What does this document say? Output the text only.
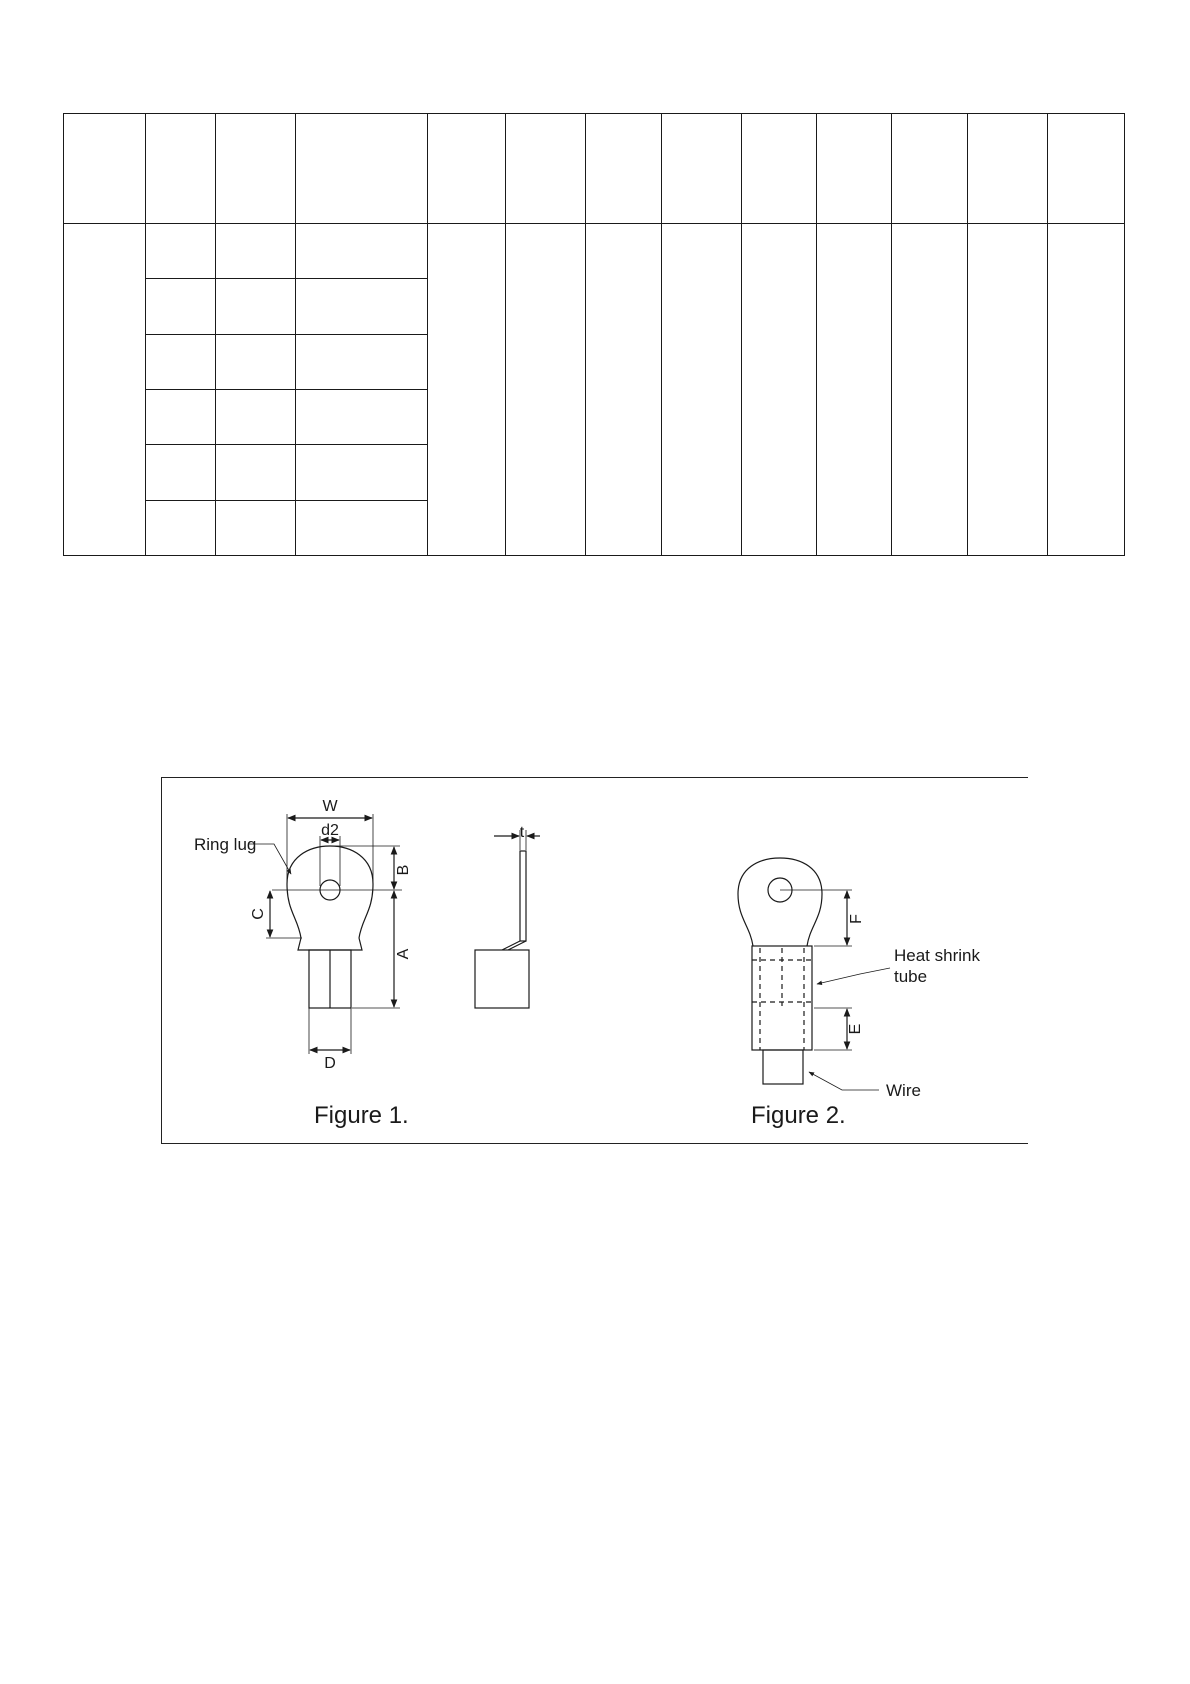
W
d2
B
A
C
D
t
Ring lug
Figure 1.
F
E
Heat shrink
tube
Wire
Figure 2.
